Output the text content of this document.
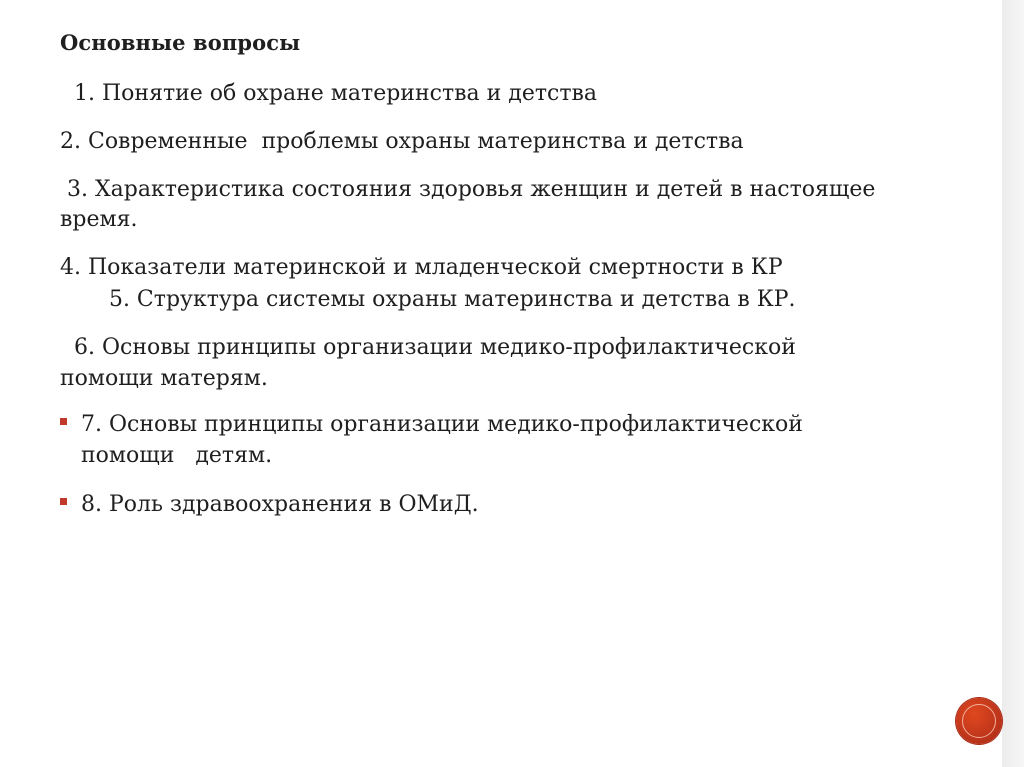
Основные вопросы
1. Понятие об охране материнства и детства
2. Современные  проблемы охраны материнства и детства
3. Характеристика состояния здоровья женщин и детей в настоящее
время.
4. Показатели материнской и младенческой смертности в КР
5. Структура системы охраны материнства и детства в КР.
6. Основы принципы организации медико-профилактической
помощи матерям.

7. Основы принципы организации медико-профилактической

помощи   детям.

8. Роль здравоохранения в ОМиД.
